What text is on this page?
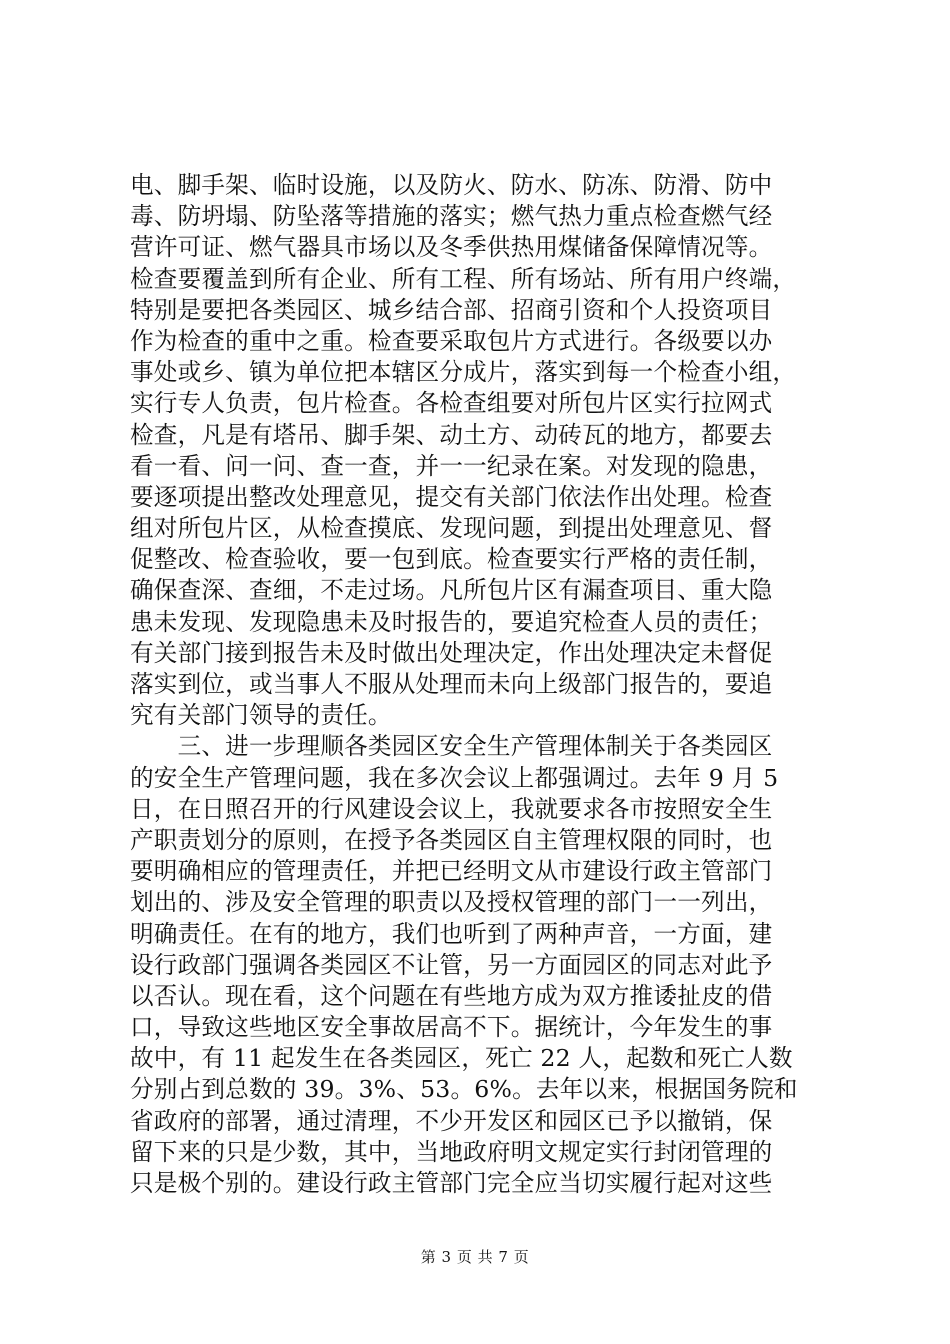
电、脚手架、临时设施，以及防火、防水、防冻、防滑、防中
毒、防坍塌、防坠落等措施的落实；燃气热力重点检查燃气经
营许可证、燃气器具市场以及冬季供热用煤储备保障情况等。
检查要覆盖到所有企业、所有工程、所有场站、所有用户终端，
特别是要把各类园区、城乡结合部、招商引资和个人投资项目
作为检查的重中之重。检查要采取包片方式进行。各级要以办
事处或乡、镇为单位把本辖区分成片，落实到每一个检查小组，
实行专人负责，包片检查。各检查组要对所包片区实行拉网式
检查，凡是有塔吊、脚手架、动土方、动砖瓦的地方，都要去
看一看、问一问、查一查，并一一纪录在案。对发现的隐患，
要逐项提出整改处理意见，提交有关部门依法作出处理。检查
组对所包片区，从检查摸底、发现问题，到提出处理意见、督
促整改、检查验收，要一包到底。检查要实行严格的责任制，
确保查深、查细，不走过场。凡所包片区有漏查项目、重大隐
患未发现、发现隐患未及时报告的，要追究检查人员的责任；
有关部门接到报告未及时做出处理决定，作出处理决定未督促
落实到位，或当事人不服从处理而未向上级部门报告的，要追
究有关部门领导的责任。
　　三、进一步理顺各类园区安全生产管理体制关于各类园区
的安全生产管理问题，我在多次会议上都强调过。去年 9 月 5
日，在日照召开的行风建设会议上，我就要求各市按照安全生
产职责划分的原则，在授予各类园区自主管理权限的同时，也
要明确相应的管理责任，并把已经明文从市建设行政主管部门
划出的、涉及安全管理的职责以及授权管理的部门一一列出，
明确责任。在有的地方，我们也听到了两种声音，一方面，建
设行政部门强调各类园区不让管，另一方面园区的同志对此予
以否认。现在看，这个问题在有些地方成为双方推诿扯皮的借
口，导致这些地区安全事故居高不下。据统计，今年发生的事
故中，有 11 起发生在各类园区，死亡 22 人，起数和死亡人数
分别占到总数的 39。3%、53。6%。去年以来，根据国务院和
省政府的部署，通过清理，不少开发区和园区已予以撤销，保
留下来的只是少数，其中，当地政府明文规定实行封闭管理的
只是极个别的。建设行政主管部门完全应当切实履行起对这些
第 3 页 共 7 页
